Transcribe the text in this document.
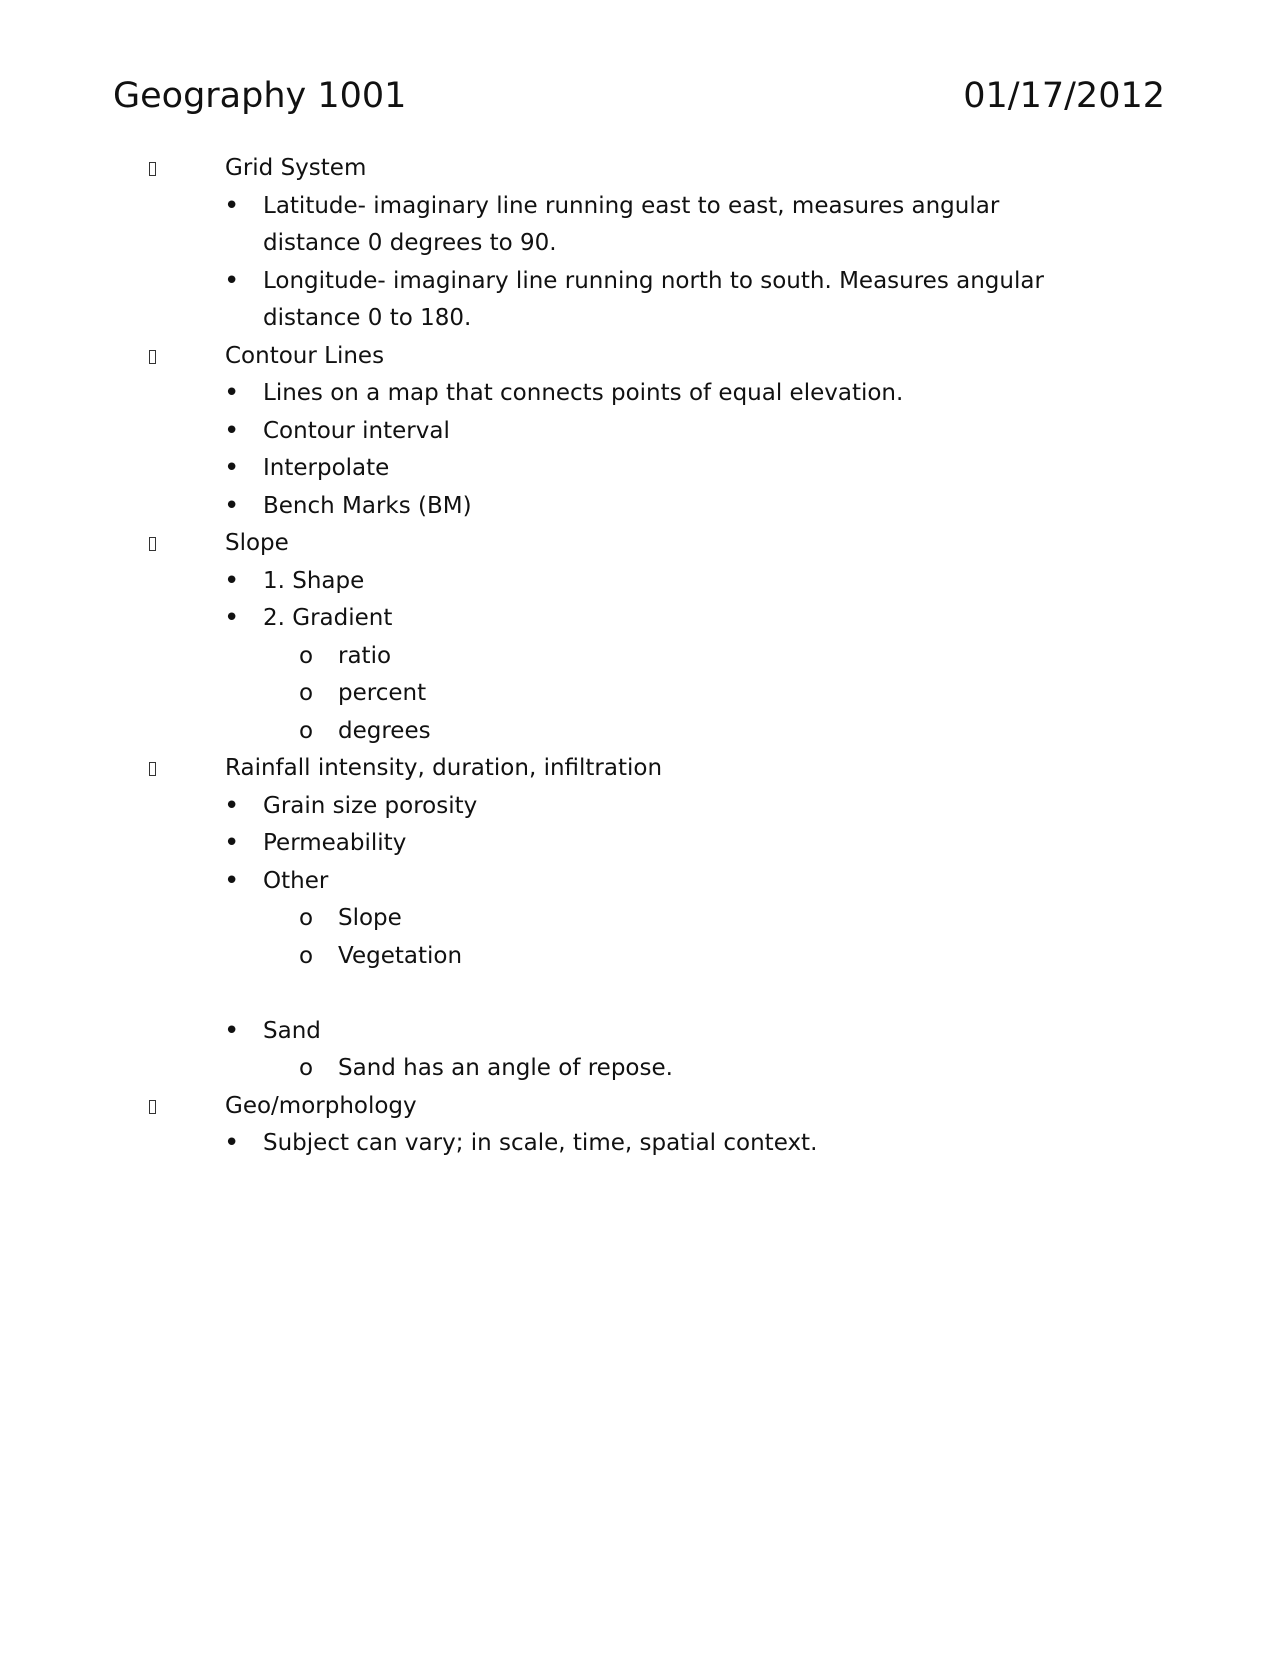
Geography 1001	01/17/2012
Grid System
• Latitude- imaginary line running east to east, measures angular
distance 0 degrees to 90.
• Longitude- imaginary line running north to south. Measures angular
distance 0 to 180.
Contour Lines
• Lines on a map that connects points of equal elevation.
• Contour interval
• Interpolate
• Bench Marks (BM)
Slope
• 1. Shape
• 2. Gradient
o ratio
o percent
o degrees
Rainfall intensity, duration, infiltration
• Grain size porosity
• Permeability
• Other
o Slope
o Vegetation
• Sand
o Sand has an angle of repose.
Geo/morphology
• Subject can vary; in scale, time, spatial context.
